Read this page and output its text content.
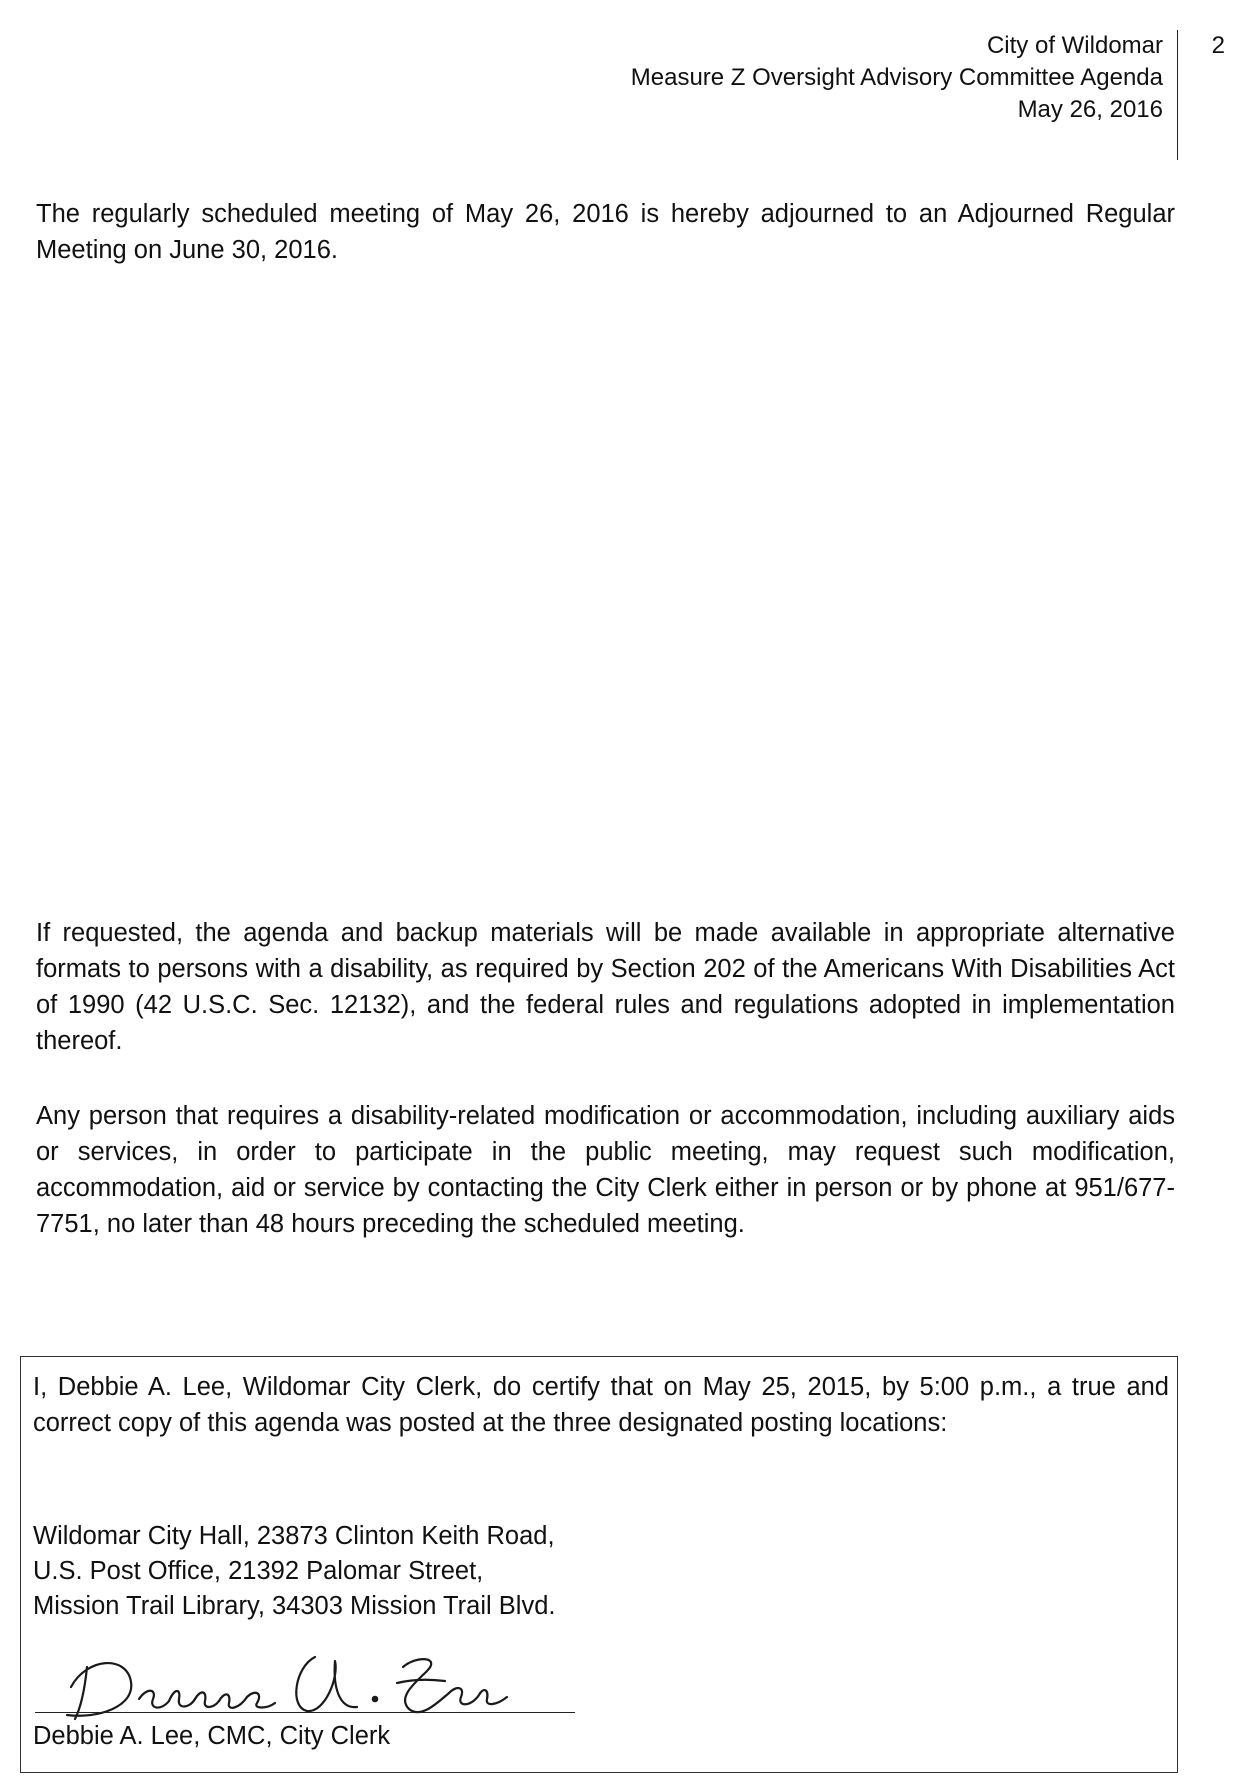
City of Wildomar
Measure Z Oversight Advisory Committee Agenda
May 26, 2016
2

The regularly scheduled meeting of May 26, 2016 is hereby adjourned to an Adjourned Regular Meeting on June 30, 2016.

If requested, the agenda and backup materials will be made available in appropriate alternative formats to persons with a disability, as required by Section 202 of the Americans With Disabilities Act of 1990 (42 U.S.C. Sec. 12132), and the federal rules and regulations adopted in implementation thereof.

Any person that requires a disability-related modification or accommodation, including auxiliary aids or services, in order to participate in the public meeting, may request such modification, accommodation, aid or service by contacting the City Clerk either in person or by phone at 951/677-7751, no later than 48 hours preceding the scheduled meeting.

I, Debbie A. Lee, Wildomar City Clerk, do certify that on May 25, 2015, by 5:00 p.m., a true and correct copy of this agenda was posted at the three designated posting locations:

Wildomar City Hall, 23873 Clinton Keith Road,
U.S. Post Office, 21392 Palomar Street,
Mission Trail Library, 34303 Mission Trail Blvd.
Debbie A. Lee, CMC, City Clerk
